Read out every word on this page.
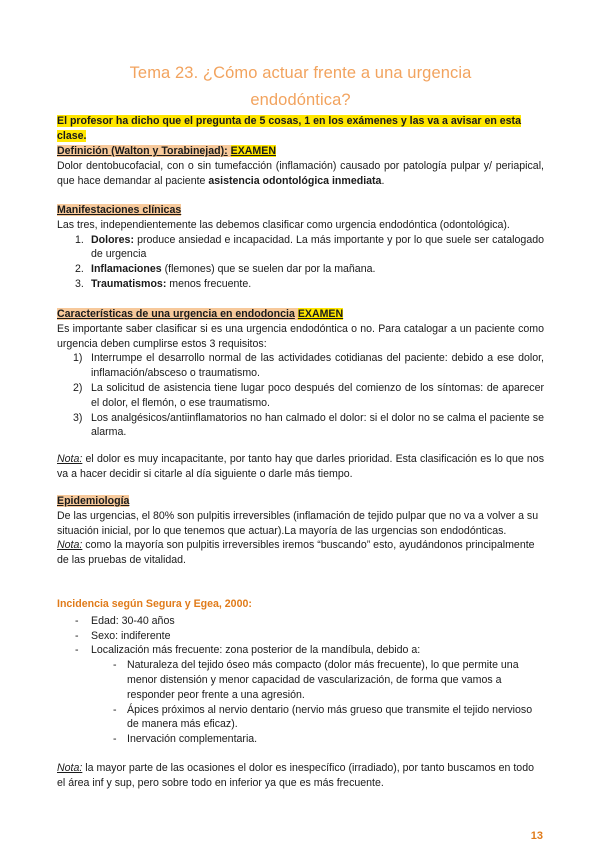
Tema 23. ¿Cómo actuar frente a una urgencia
endodóntica?
El profesor ha dicho que el pregunta de 5 cosas, 1 en los exámenes y las va a avisar en esta clase.
Definición (Walton y Torabinejad): EXAMEN
Dolor dentobucofacial, con o sin tumefacción (inflamación) causado por patología pulpar y/ periapical, que hace demandar al paciente asistencia odontológica inmediata.
Manifestaciones clínicas
Las tres, independientemente las debemos clasificar como urgencia endodóntica (odontológica).
1. Dolores: produce ansiedad e incapacidad. La más importante y por lo que suele ser catalogado de urgencia
2. Inflamaciones (flemones) que se suelen dar por la mañana.
3. Traumatismos: menos frecuente.
Características de una urgencia en endodoncia EXAMEN
Es importante saber clasificar si es una urgencia endodóntica o no. Para catalogar a un paciente como urgencia deben cumplirse estos 3 requisitos:
1) Interrumpe el desarrollo normal de las actividades cotidianas del paciente: debido a ese dolor, inflamación/absceso o traumatismo.
2) La solicitud de asistencia tiene lugar poco después del comienzo de los síntomas: de aparecer el dolor, el flemón, o ese traumatismo.
3) Los analgésicos/antiinflamatorios no han calmado el dolor: si el dolor no se calma el paciente se alarma.
Nota: el dolor es muy incapacitante, por tanto hay que darles prioridad. Esta clasificación es lo que nos va a hacer decidir si citarle al día siguiente o darle más tiempo.
Epidemiología
De las urgencias, el 80% son pulpitis irreversibles (inflamación de tejido pulpar que no va a volver a su situación inicial, por lo que tenemos que actuar).La mayoría de las urgencias son endodónticas.
Nota: como la mayoría son pulpitis irreversibles iremos “buscando” esto, ayudándonos principalmente de las pruebas de vitalidad.
Incidencia según Segura y Egea, 2000:
- Edad: 30-40 años
- Sexo: indiferente
- Localización más frecuente: zona posterior de la mandíbula, debido a:
- Naturaleza del tejido óseo más compacto (dolor más frecuente), lo que permite una menor distensión y menor capacidad de vascularización, de forma que vamos a responder peor frente a una agresión.
- Ápices próximos al nervio dentario (nervio más grueso que transmite el tejido nervioso de manera más eficaz).
- Inervación complementaria.
Nota: la mayor parte de las ocasiones el dolor es inespecífico (irradiado), por tanto buscamos en todo el área inf y sup, pero sobre todo en inferior ya que es más frecuente.
13
